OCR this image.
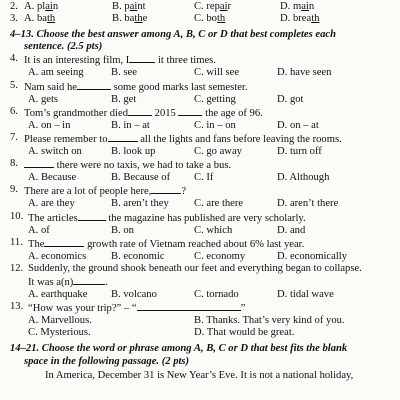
2. A. plain	B. paint	C. repair	D. main
3. A. bath	B. bathe	C. both	D. breath
4–13. Choose the best answer among A, B, C or D that best completes each
sentence. (2.5 pts)
4. It is an interesting film, I it three times.
A. am seeing	B. see	C. will see	D. have seen
5. Nam said he	some good marks last semester.
A. gets	B. get	C. getting	D. got
6. Tom’s grandmother died 2015  the age of 96.
A. on – in	B. in – at	C. in – on	D. on – at
7. Please remember to	all the lights and fans before leaving the rooms.
A. switch on	B. look up	C. go away	D. turn off
8.	there were no taxis, we had to take a bus.
A. Because	B. Because of	C. If	D. Although
9. There are a lot of people here,	?
A. are they	B. aren’t they	C. are there	D. aren’t there
10. The articles	the magazine has published are very scholarly.
A. of	B. on	C. which	D. and
11. The	growth rate of Vietnam reached about 6% last year.
A. economics	B. economic	C. economy	D. economically
12. Suddenly, the ground shook beneath our feet and everything began to collapse.
It was a(n)	.
A. earthquake	B. volcano	C. tornado	D. tidal wave
13. “How was your trip?” – “	”
A. Marvellous.	B. Thanks. That’s very kind of you.
C. Mysterious.	D. That would be great.
14–21. Choose the word or phrase among A, B, C or D that best fits the blank
space in the following passage. (2 pts)
In America, December 31 is New Year’s Eve. It is not a national holiday,
